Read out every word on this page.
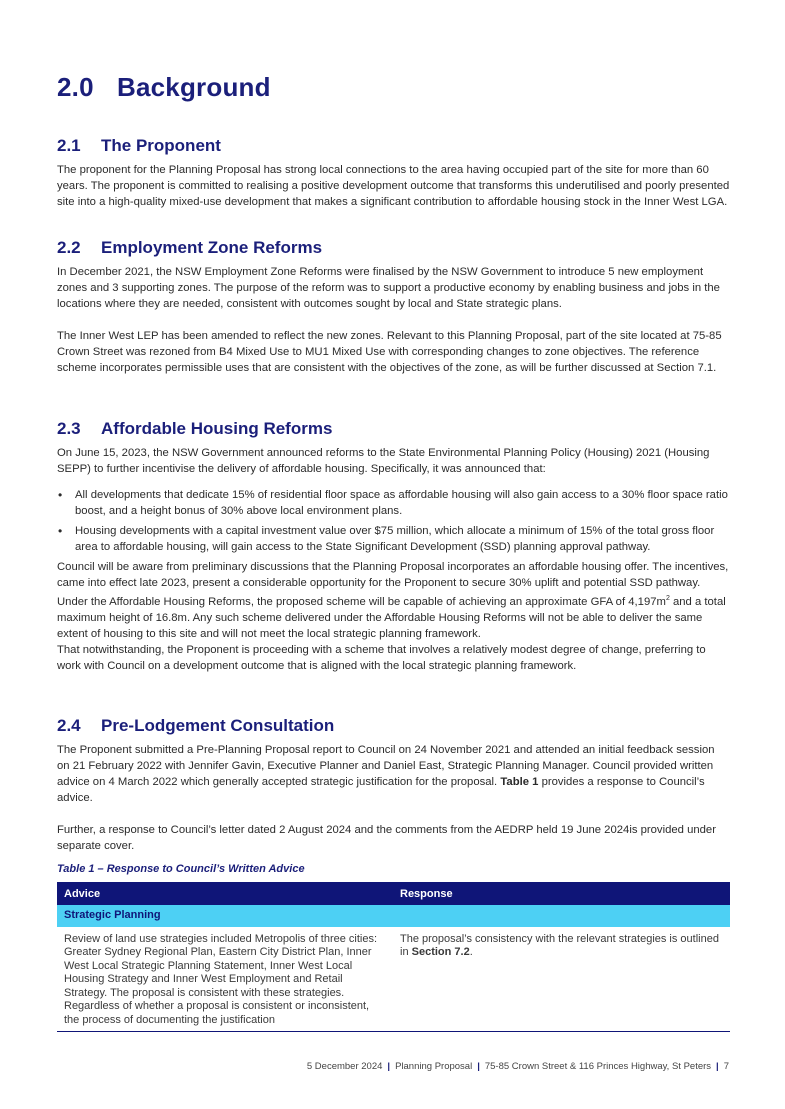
2.0 Background
2.1 The Proponent

The proponent for the Planning Proposal has strong local connections to the area having occupied part of the site for more than 60 years. The proponent is committed to realising a positive development outcome that transforms this underutilised and poorly presented site into a high-quality mixed-use development that makes a significant contribution to affordable housing stock in the Inner West LGA.

2.2 Employment Zone Reforms

In December 2021, the NSW Employment Zone Reforms were finalised by the NSW Government to introduce 5 new employment zones and 3 supporting zones. The purpose of the reform was to support a productive economy by enabling business and jobs in the locations where they are needed, consistent with outcomes sought by local and State strategic plans.

The Inner West LEP has been amended to reflect the new zones. Relevant to this Planning Proposal, part of the site located at 75-85 Crown Street was rezoned from B4 Mixed Use to MU1 Mixed Use with corresponding changes to zone objectives. The reference scheme incorporates permissible uses that are consistent with the objectives of the zone, as will be further discussed at Section 7.1.

2.3 Affordable Housing Reforms

On June 15, 2023, the NSW Government announced reforms to the State Environmental Planning Policy (Housing) 2021 (Housing SEPP) to further incentivise the delivery of affordable housing. Specifically, it was announced that:

• All developments that dedicate 15% of residential floor space as affordable housing will also gain access to a 30% floor space ratio boost, and a height bonus of 30% above local environment plans.
• Housing developments with a capital investment value over $75 million, which allocate a minimum of 15% of the total gross floor area to affordable housing, will gain access to the State Significant Development (SSD) planning approval pathway.

Council will be aware from preliminary discussions that the Planning Proposal incorporates an affordable housing offer. The incentives, came into effect late 2023, present a considerable opportunity for the Proponent to secure 30% uplift and potential SSD pathway. Under the Affordable Housing Reforms, the proposed scheme will be capable of achieving an approximate GFA of $4,197m^2$ and a total maximum height of 16.8m. Any such scheme delivered under the Affordable Housing Reforms will not be able to deliver the same extent of housing to this site and will not meet the local strategic planning framework.

That notwithstanding, the Proponent is proceeding with a scheme that involves a relatively modest degree of change, preferring to work with Council on a development outcome that is aligned with the local strategic planning framework.

2.4 Pre-Lodgement Consultation

The Proponent submitted a Pre-Planning Proposal report to Council on 24 November 2021 and attended an initial feedback session on 21 February 2022 with Jennifer Gavin, Executive Planner and Daniel East, Strategic Planning Manager. Council provided written advice on 4 March 2022 which generally accepted strategic justification for the proposal. Table 1 provides a response to Council’s advice.

Further, a response to Council’s letter dated 2 August 2024 and the comments from the AEDRP held 19 June 2024is provided under separate cover.

Table 1 – Response to Council’s Written Advice
Advice	Response
Strategic Planning	
Review of land use strategies included Metropolis of three cities: Greater Sydney Regional Plan, Eastern City District Plan, Inner West Local Strategic Planning Statement, Inner West Local Housing Strategy and Inner West Employment and Retail Strategy. The proposal is consistent with these strategies. Regardless of whether a proposal is consistent or inconsistent, the process of documenting the justification	The proposal’s consistency with the relevant strategies is outlined in Section 7.2.
5 December 2024 | Planning Proposal | 75-85 Crown Street & 116 Princes Highway, St Peters | 7
